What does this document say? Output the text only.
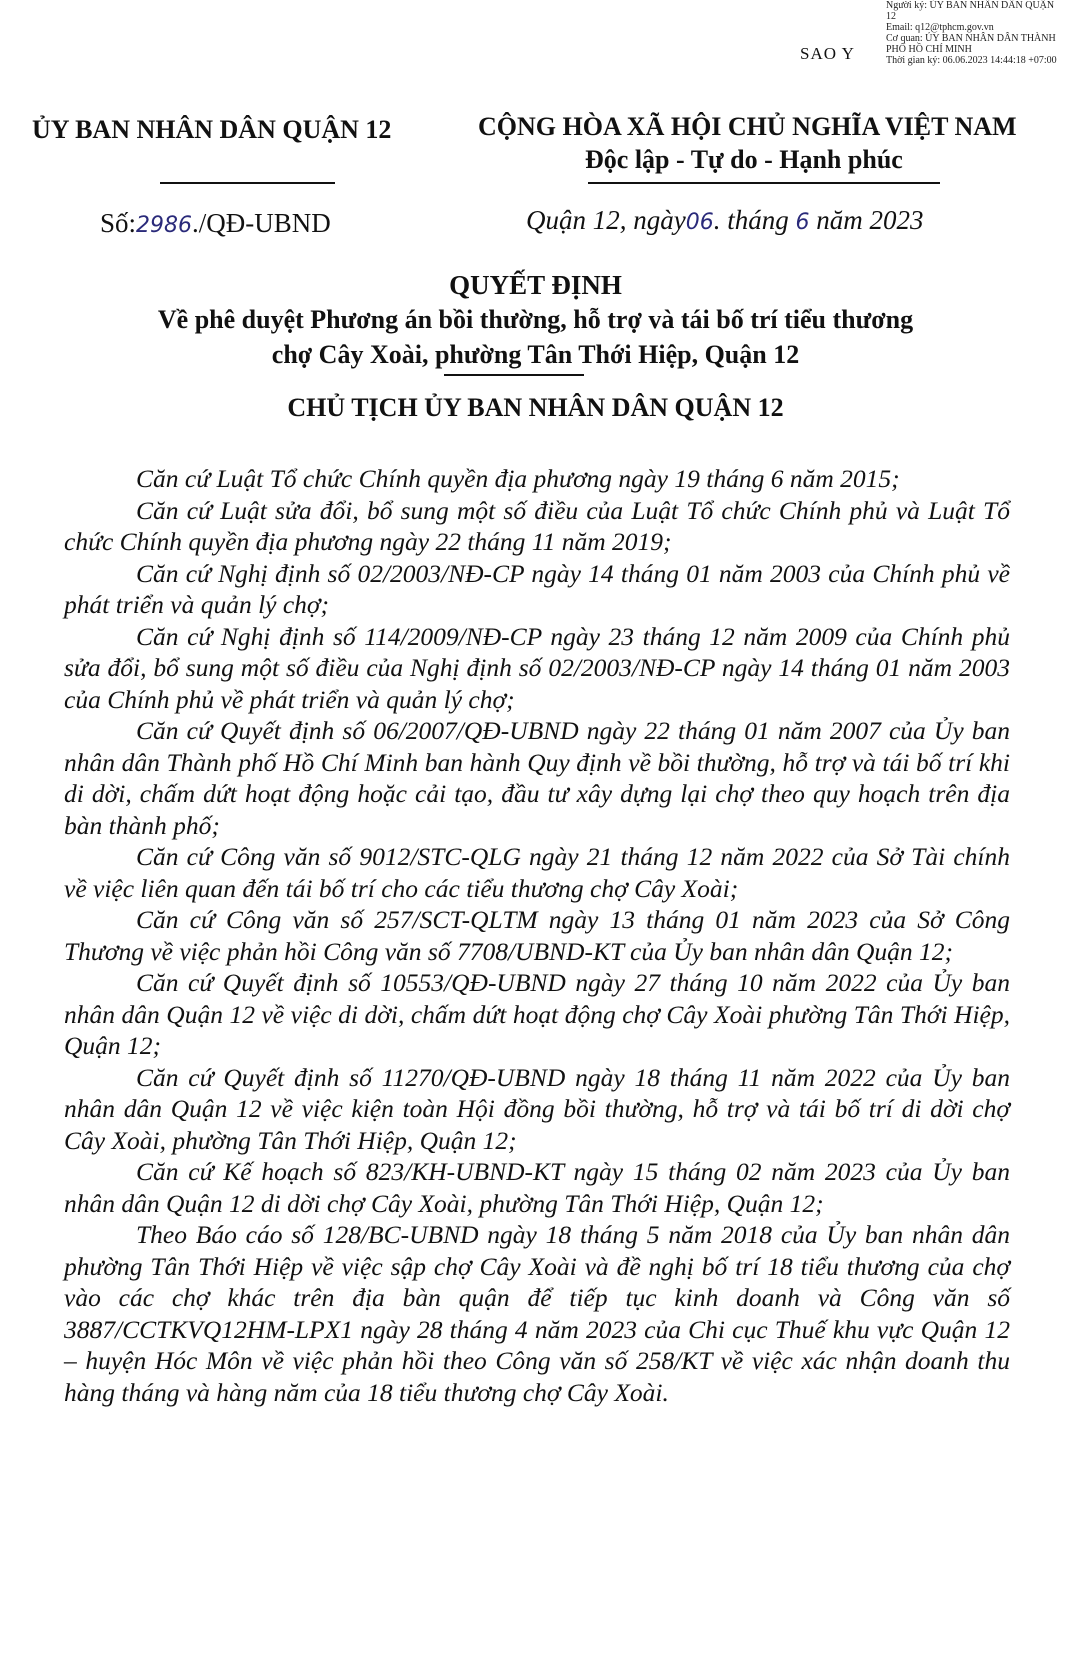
Người ký: ỦY BAN NHÂN DÂN QUẬN 12
Email: q12@tphcm.gov.vn
Cơ quan: ỦY BAN NHÂN DÂN THÀNH PHỐ HỒ CHÍ MINH
Thời gian ký: 06.06.2023 14:44:18 +07:00
SAO Y
ỦY BAN NHÂN DÂN QUẬN 12	CỘNG HÒA XÃ HỘI CHỦ NGHĨA VIỆT NAM
Độc lập - Tự do - Hạnh phúc
Số:2986./QĐ-UBND	Quận 12, ngày06. tháng 6 năm 2023
QUYẾT ĐỊNH
Về phê duyệt Phương án bồi thường, hỗ trợ và tái bố trí tiểu thương
chợ Cây Xoài, phường Tân Thới Hiệp, Quận 12
CHỦ TỊCH ỦY BAN NHÂN DÂN QUẬN 12

Căn cứ Luật Tổ chức Chính quyền địa phương ngày 19 tháng 6 năm 2015;

Căn cứ Luật sửa đổi, bổ sung một số điều của Luật Tổ chức Chính phủ và Luật Tổ chức Chính quyền địa phương ngày 22 tháng 11 năm 2019;

Căn cứ Nghị định số 02/2003/NĐ-CP ngày 14 tháng 01 năm 2003 của Chính phủ về phát triển và quản lý chợ;

Căn cứ Nghị định số 114/2009/NĐ-CP ngày 23 tháng 12 năm 2009 của Chính phủ sửa đổi, bổ sung một số điều của Nghị định số 02/2003/NĐ-CP ngày 14 tháng 01 năm 2003 của Chính phủ về phát triển và quản lý chợ;

Căn cứ Quyết định số 06/2007/QĐ-UBND ngày 22 tháng 01 năm 2007 của Ủy ban nhân dân Thành phố Hồ Chí Minh ban hành Quy định về bồi thường, hỗ trợ và tái bố trí khi di dời, chấm dứt hoạt động hoặc cải tạo, đầu tư xây dựng lại chợ theo quy hoạch trên địa bàn thành phố;

Căn cứ Công văn số 9012/STC-QLG ngày 21 tháng 12 năm 2022 của Sở Tài chính về việc liên quan đến tái bố trí cho các tiểu thương chợ Cây Xoài;

Căn cứ Công văn số 257/SCT-QLTM ngày 13 tháng 01 năm 2023 của Sở Công Thương về việc phản hồi Công văn số 7708/UBND-KT của Ủy ban nhân dân Quận 12;

Căn cứ Quyết định số 10553/QĐ-UBND ngày 27 tháng 10 năm 2022 của Ủy ban nhân dân Quận 12 về việc di dời, chấm dứt hoạt động chợ Cây Xoài phường Tân Thới Hiệp, Quận 12;

Căn cứ Quyết định số 11270/QĐ-UBND ngày 18 tháng 11 năm 2022 của Ủy ban nhân dân Quận 12 về việc kiện toàn Hội đồng bồi thường, hỗ trợ và tái bố trí di dời chợ Cây Xoài, phường Tân Thới Hiệp, Quận 12;

Căn cứ Kế hoạch số 823/KH-UBND-KT ngày 15 tháng 02 năm 2023 của Ủy ban nhân dân Quận 12 di dời chợ Cây Xoài, phường Tân Thới Hiệp, Quận 12;

Theo Báo cáo số 128/BC-UBND ngày 18 tháng 5 năm 2018 của Ủy ban nhân dân phường Tân Thới Hiệp về việc sập chợ Cây Xoài và đề nghị bố trí 18 tiểu thương của chợ vào các chợ khác trên địa bàn quận để tiếp tục kinh doanh và Công văn số 3887/CCTKVQ12HM-LPX1 ngày 28 tháng 4 năm 2023 của Chi cục Thuế khu vực Quận 12 – huyện Hóc Môn về việc phản hồi theo Công văn số 258/KT về việc xác nhận doanh thu hàng tháng và hàng năm của 18 tiểu thương chợ Cây Xoài.
